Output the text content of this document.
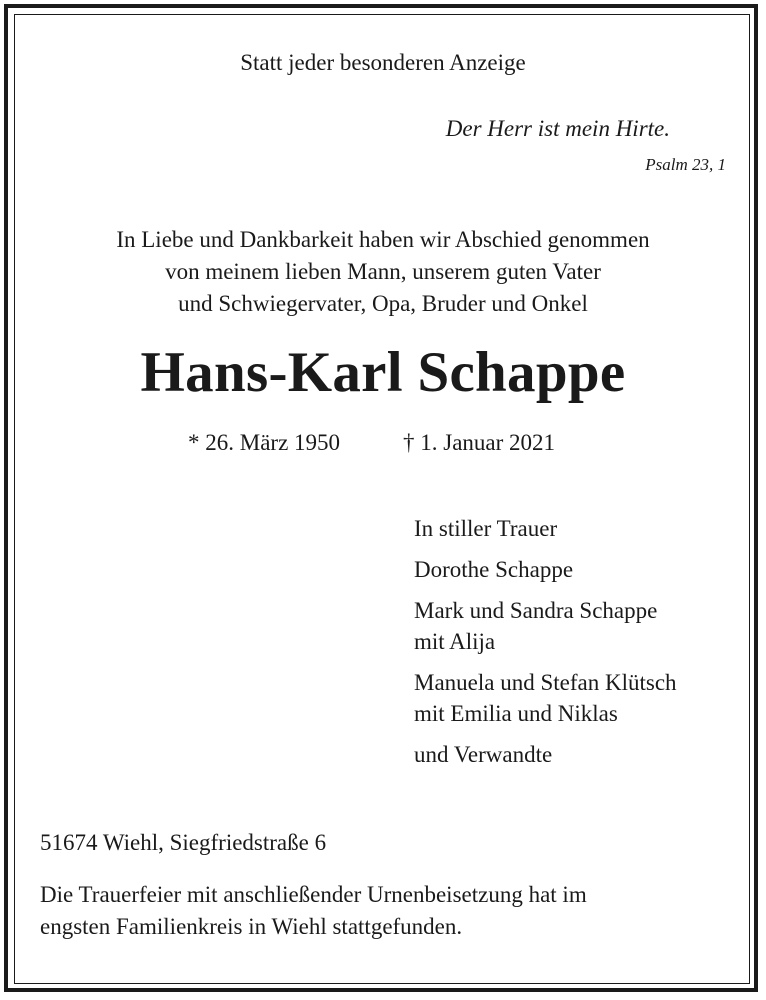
Statt jeder besonderen Anzeige
Der Herr ist mein Hirte.
Psalm 23, 1
In Liebe und Dankbarkeit haben wir Abschied genommen
von meinem lieben Mann, unserem guten Vater
und Schwiegervater, Opa, Bruder und Onkel
Hans-Karl Schappe
* 26. März 1950	† 1. Januar 2021
In stiller Trauer
Dorothe Schappe
Mark und Sandra Schappe
mit Alija
Manuela und Stefan Klütsch
mit Emilia und Niklas
und Verwandte
51674 Wiehl, Siegfriedstraße 6
Die Trauerfeier mit anschließender Urnenbeisetzung hat im
engsten Familienkreis in Wiehl stattgefunden.
